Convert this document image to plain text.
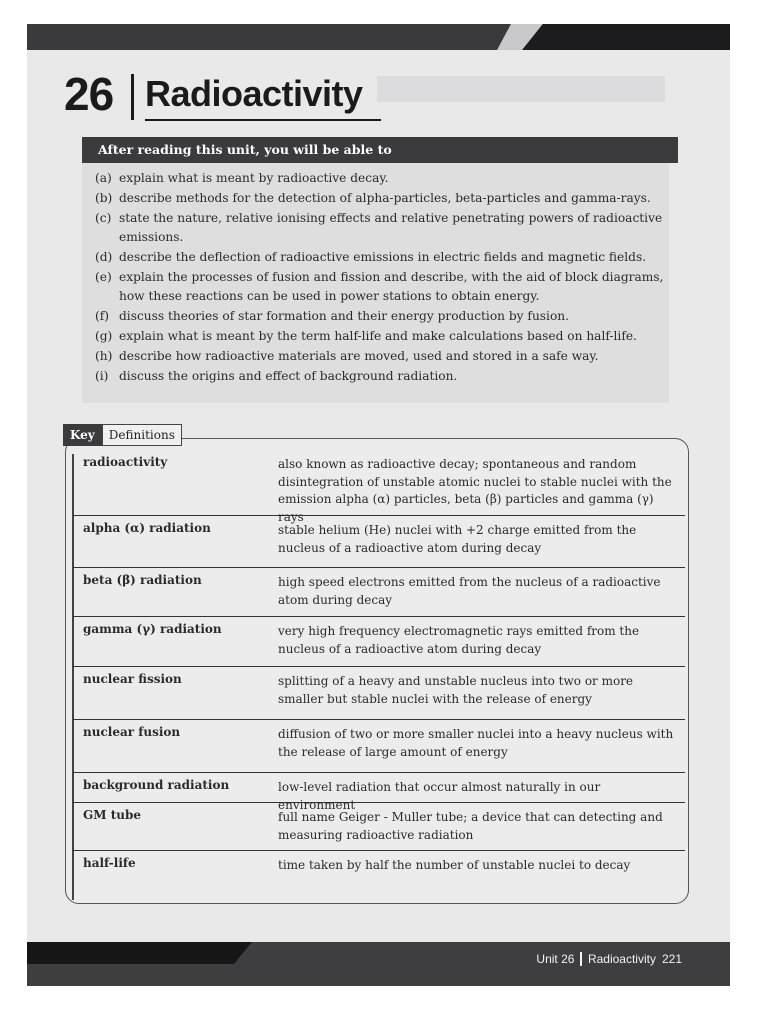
26 Radioactivity
After reading this unit, you will be able to
(a) explain what is meant by radioactive decay.
(b) describe methods for the detection of alpha-particles, beta-particles and gamma-rays.
(c) state the nature, relative ionising effects and relative penetrating powers of radioactive emissions.
(d) describe the deflection of radioactive emissions in electric fields and magnetic fields.
(e) explain the processes of fusion and fission and describe, with the aid of block diagrams, how these reactions can be used in power stations to obtain energy.
(f) discuss theories of star formation and their energy production by fusion.
(g) explain what is meant by the term half-life and make calculations based on half-life.
(h) describe how radioactive materials are moved, used and stored in a safe way.
(i) discuss the origins and effect of background radiation.
Key	Definitions
radioactivity	also known as radioactive decay; spontaneous and random disintegration of unstable atomic nuclei to stable nuclei with the emission alpha (α) particles, beta (β) particles and gamma (γ) rays
alpha (α) radiation	stable helium (He) nuclei with +2 charge emitted from the nucleus of a radioactive atom during decay
beta (β) radiation	high speed electrons emitted from the nucleus of a radioactive atom during decay
gamma (γ) radiation	very high frequency electromagnetic rays emitted from the nucleus of a radioactive atom during decay
nuclear fission	splitting of a heavy and unstable nucleus into two or more smaller but stable nuclei with the release of energy
nuclear fusion	diffusion of two or more smaller nuclei into a heavy nucleus with the release of large amount of energy
background radiation	low-level radiation that occur almost naturally in our environment
GM tube	full name Geiger - Muller tube; a device that can detecting and measuring radioactive radiation
half-life	time taken by half the number of unstable nuclei to decay
Unit 26 Radioactivity 221
